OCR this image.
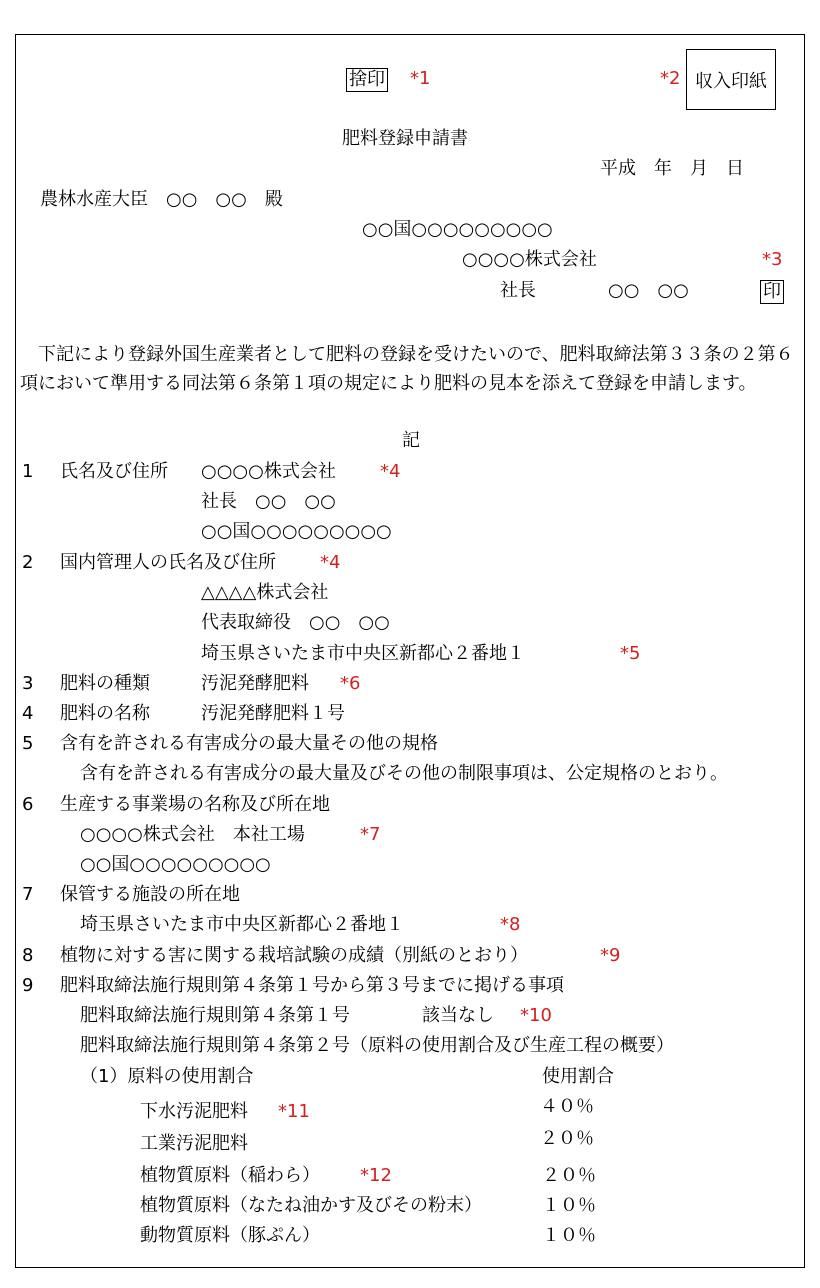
捨印 *1	*2 収入印紙
肥料登録申請書
平成　年　月　日
農林水産大臣　○○　○○　殿
○○国○○○○○○○○○
○○○○株式会社	*3
社長　　　　○○　○○	印
　下記により登録外国生産業者として肥料の登録を受けたいので、肥料取締法第３３条の２第６項において準用する同法第６条第１項の規定により肥料の見本を添えて登録を申請します。
記
1 氏名及び住所 ○○○○株式会社 *4
社長　○○　○○
○○国○○○○○○○○○
2 国内管理人の氏名及び住所 *4
△△△△株式会社
代表取締役　○○　○○
埼玉県さいたま市中央区新都心２番地１	*5
3 肥料の種類	汚泥発酵肥料 *6
4 肥料の名称	汚泥発酵肥料１号
5 含有を許される有害成分の最大量その他の規格
含有を許される有害成分の最大量及びその他の制限事項は、公定規格のとおり。
6 生産する事業場の名称及び所在地
○○○○株式会社　本社工場	*7
○○国○○○○○○○○○
7 保管する施設の所在地
埼玉県さいたま市中央区新都心２番地１	*8
8 植物に対する害に関する栽培試験の成績（別紙のとおり）	*9
9 肥料取締法施行規則第４条第１号から第３号までに掲げる事項
肥料取締法施行規則第４条第１号	該当なし *10
肥料取締法施行規則第４条第２号（原料の使用割合及び生産工程の概要）
（1）原料の使用割合	使用割合
下水汚泥肥料 *11	４０％
工業汚泥肥料	２０％
植物質原料（稲わら） *12	２０％
植物質原料（なたね油かす及びその粉末）	１０％
動物質原料（豚ぷん）	１０％
